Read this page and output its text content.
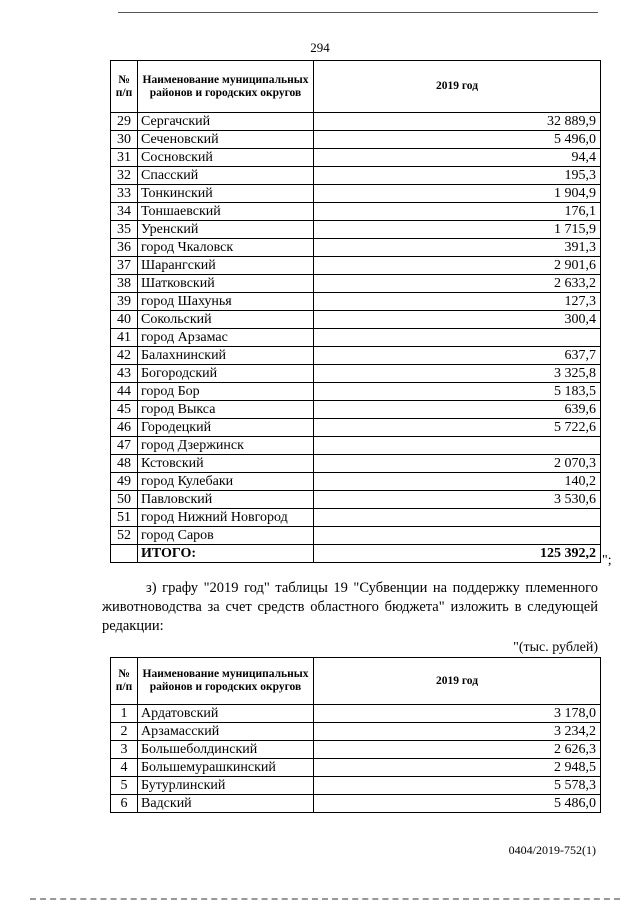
294
№ п/п	Наименование муниципальных районов и городских округов	2019 год
29	Сергачский	32 889,9
30	Сеченовский	5 496,0
31	Сосновский	94,4
32	Спасский	195,3
33	Тонкинский	1 904,9
34	Тоншаевский	176,1
35	Уренский	1 715,9
36	город Чкаловск	391,3
37	Шарангский	2 901,6
38	Шатковский	2 633,2
39	город Шахунья	127,3
40	Сокольский	300,4
41	город Арзамас	
42	Балахнинский	637,7
43	Богородский	3 325,8
44	город Бор	5 183,5
45	город Выкса	639,6
46	Городецкий	5 722,6
47	город Дзержинск	
48	Кстовский	2 070,3
49	город Кулебаки	140,2
50	Павловский	3 530,6
51	город Нижний Новгород	
52	город Саров	
	ИТОГО:	125 392,2 ";
з) графу "2019 год" таблицы 19 "Субвенции на поддержку племенного животноводства за счет средств областного бюджета" изложить в следующей редакции:
"(тыс. рублей)
№ п/п	Наименование муниципальных районов и городских округов	2019 год
1	Ардатовский	3 178,0
2	Арзамасский	3 234,2
3	Большеболдинский	2 626,3
4	Большемурашкинский	2 948,5
5	Бутурлинский	5 578,3
6	Вадский	5 486,0
0404/2019-752(1)
